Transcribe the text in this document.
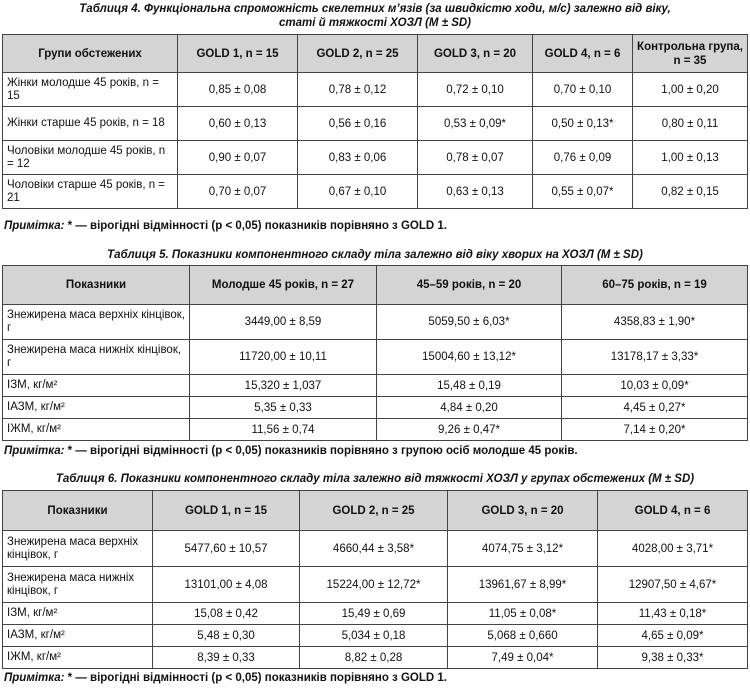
Таблиця 4. Функціональна спроможність скелетних м’язів (за швидкістю ходи, м/с) залежно від віку,
статі й тяжкості ХОЗЛ (M ± SD)
Групи обстежених	GOLD 1, n = 15	GOLD 2, n = 25	GOLD 3, n = 20	GOLD 4, n = 6	Контрольна група, n = 35
Жінки молодше 45 років, n = 15	0,85 ± 0,08	0,78 ± 0,12	0,72 ± 0,10	0,70 ± 0,10	1,00 ± 0,20
Жінки старше 45 років, n = 18	0,60 ± 0,13	0,56 ± 0,16	0,53 ± 0,09*	0,50 ± 0,13*	0,80 ± 0,11
Чоловіки молодше 45 років, n = 12	0,90 ± 0,07	0,83 ± 0,06	0,78 ± 0,07	0,76 ± 0,09	1,00 ± 0,13
Чоловіки старше 45 років, n = 21	0,70 ± 0,07	0,67 ± 0,10	0,63 ± 0,13	0,55 ± 0,07*	0,82 ± 0,15
Примітка: * — вірогідні відмінності (p < 0,05) показників порівняно з GOLD 1.
Таблиця 5. Показники компонентного складу тіла залежно від віку хворих на ХОЗЛ (M ± SD)
Показники	Молодше 45 років, n = 27	45–59 років, n = 20	60–75 років, n = 19
Знежирена маса верхніх кінцівок, г	3449,00 ± 8,59	5059,50 ± 6,03*	4358,83 ± 1,90*
Знежирена маса нижніх кінцівок, г	11720,00 ± 10,11	15004,60 ± 13,12*	13178,17 ± 3,33*
ІЗМ, кг/м²	15,320 ± 1,037	15,48 ± 0,19	10,03 ± 0,09*
ІАЗМ, кг/м²	5,35 ± 0,33	4,84 ± 0,20	4,45 ± 0,27*
ІЖМ, кг/м²	11,56 ± 0,74	9,26 ± 0,47*	7,14 ± 0,20*
Примітка: * — вірогідні відмінності (p < 0,05) показників порівняно з групою осіб молодше 45 років.
Таблиця 6. Показники компонентного складу тіла залежно від тяжкості ХОЗЛ у групах обстежених (M ± SD)
Показники	GOLD 1, n = 15	GOLD 2, n = 25	GOLD 3, n = 20	GOLD 4, n = 6
Знежирена маса верхніх кінцівок, г	5477,60 ± 10,57	4660,44 ± 3,58*	4074,75 ± 3,12*	4028,00 ± 3,71*
Знежирена маса нижніх кінцівок, г	13101,00 ± 4,08	15224,00 ± 12,72*	13961,67 ± 8,99*	12907,50 ± 4,67*
ІЗМ, кг/м²	15,08 ± 0,42	15,49 ± 0,69	11,05 ± 0,08*	11,43 ± 0,18*
ІАЗМ, кг/м²	5,48 ± 0,30	5,034 ± 0,18	5,068 ± 0,660	4,65 ± 0,09*
ІЖМ, кг/м²	8,39 ± 0,33	8,82 ± 0,28	7,49 ± 0,04*	9,38 ± 0,33*
Примітка: * — вірогідні відмінності (p < 0,05) показників порівняно з GOLD 1.
